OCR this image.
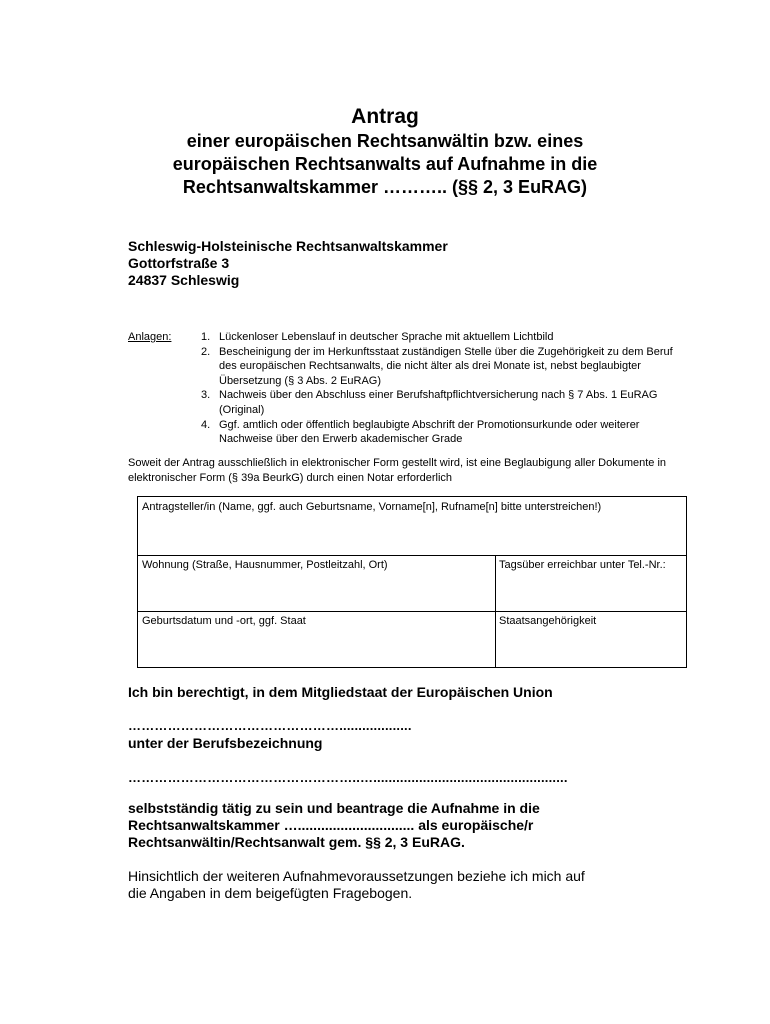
Antrag
einer europäischen Rechtsanwältin bzw. eines
europäischen Rechtsanwalts auf Aufnahme in die
Rechtsanwaltskammer ……….. (§§ 2, 3 EuRAG)
Schleswig-Holsteinische Rechtsanwaltskammer
Gottorfstraße 3
24837 Schleswig
Anlagen:	1. Lückenloser Lebenslauf in deutscher Sprache mit aktuellem Lichtbild
2. Bescheinigung der im Herkunftsstaat zuständigen Stelle über die Zugehörigkeit zu dem Beruf des europäischen Rechtsanwalts, die nicht älter als drei Monate ist, nebst beglaubigter Übersetzung (§ 3 Abs. 2 EuRAG)
3. Nachweis über den Abschluss einer Berufshaftpflichtversicherung nach § 7 Abs. 1 EuRAG (Original)
4. Ggf. amtlich oder öffentlich beglaubigte Abschrift der Promotionsurkunde oder weiterer Nachweise über den Erwerb akademischer Grade
Soweit der Antrag ausschließlich in elektronischer Form gestellt wird, ist eine Beglaubigung aller Dokumente in elektronischer Form (§ 39a BeurkG) durch einen Notar erforderlich
Antragsteller/in (Name, ggf. auch Geburtsname, Vorname[n], Rufname[n] bitte unterstreichen!)
Wohnung (Straße, Hausnummer, Postleitzahl, Ort)	Tagsüber erreichbar unter Tel.-Nr.:
Geburtsdatum und -ort, ggf. Staat	Staatsangehörigkeit
Ich bin berechtigt, in dem Mitgliedstaat der Europäischen Union
…………………………………………...................
unter der Berufsbezeichnung
……………………………………………..…...................................................
selbstständig tätig zu sein und beantrage die Aufnahme in die
Rechtsanwaltskammer ….............................. als europäische/r
Rechtsanwältin/Rechtsanwalt gem. §§ 2, 3 EuRAG.
Hinsichtlich der weiteren Aufnahmevoraussetzungen beziehe ich mich auf
die Angaben in dem beigefügten Fragebogen.
